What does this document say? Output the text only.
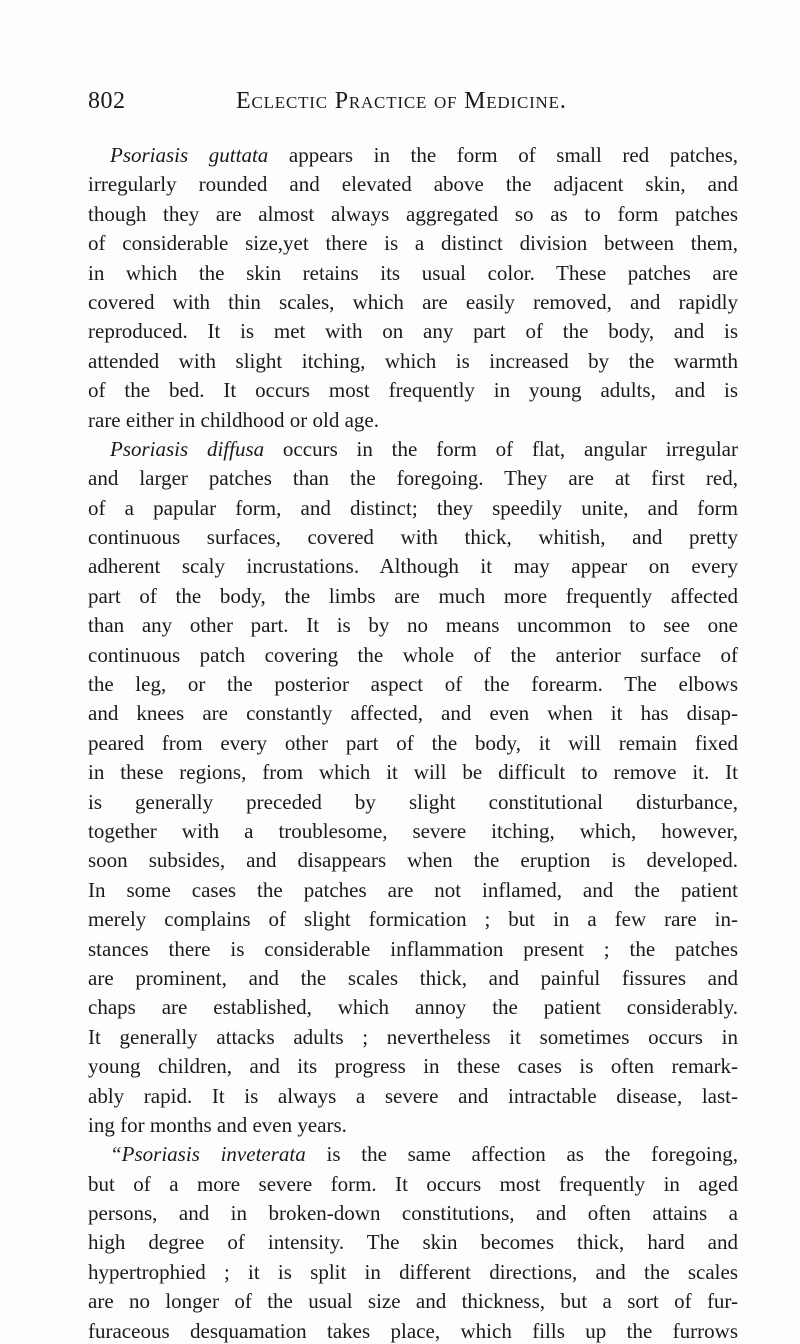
802	Eclectic Practice of Medicine.
Psoriasis guttata appears in the form of small red patches,
irregularly rounded and elevated above the adjacent skin, and
though they are almost always aggregated so as to form patches
of considerable size,yet there is a distinct division between them,
in which the skin retains its usual color. These patches are
covered with thin scales, which are easily removed, and rapidly
reproduced. It is met with on any part of the body, and is
attended with slight itching, which is increased by the warmth
of the bed. It occurs most frequently in young adults, and is
rare either in childhood or old age.
Psoriasis diffusa occurs in the form of flat, angular irregular
and larger patches than the foregoing. They are at first red,
of a papular form, and distinct; they speedily unite, and form
continuous surfaces, covered with thick, whitish, and pretty
adherent scaly incrustations. Although it may appear on every
part of the body, the limbs are much more frequently affected
than any other part. It is by no means uncommon to see one
continuous patch covering the whole of the anterior surface of
the leg, or the posterior aspect of the forearm. The elbows
and knees are constantly affected, and even when it has disap-
peared from every other part of the body, it will remain fixed
in these regions, from which it will be difficult to remove it. It
is generally preceded by slight constitutional disturbance,
together with a troublesome, severe itching, which, however,
soon subsides, and disappears when the eruption is developed.
In some cases the patches are not inflamed, and the patient
merely complains of slight formication ; but in a few rare in-
stances there is considerable inflammation present ; the patches
are prominent, and the scales thick, and painful fissures and
chaps are established, which annoy the patient considerably.
It generally attacks adults ; nevertheless it sometimes occurs in
young children, and its progress in these cases is often remark-
ably rapid. It is always a severe and intractable disease, last-
ing for months and even years.
“Psoriasis inveterata is the same affection as the foregoing,
but of a more severe form. It occurs most frequently in aged
persons, and in broken-down constitutions, and often attains a
high degree of intensity. The skin becomes thick, hard and
hypertrophied ; it is split in different directions, and the scales
are no longer of the usual size and thickness, but a sort of fur-
furaceous desquamation takes place, which fills up the furrows
